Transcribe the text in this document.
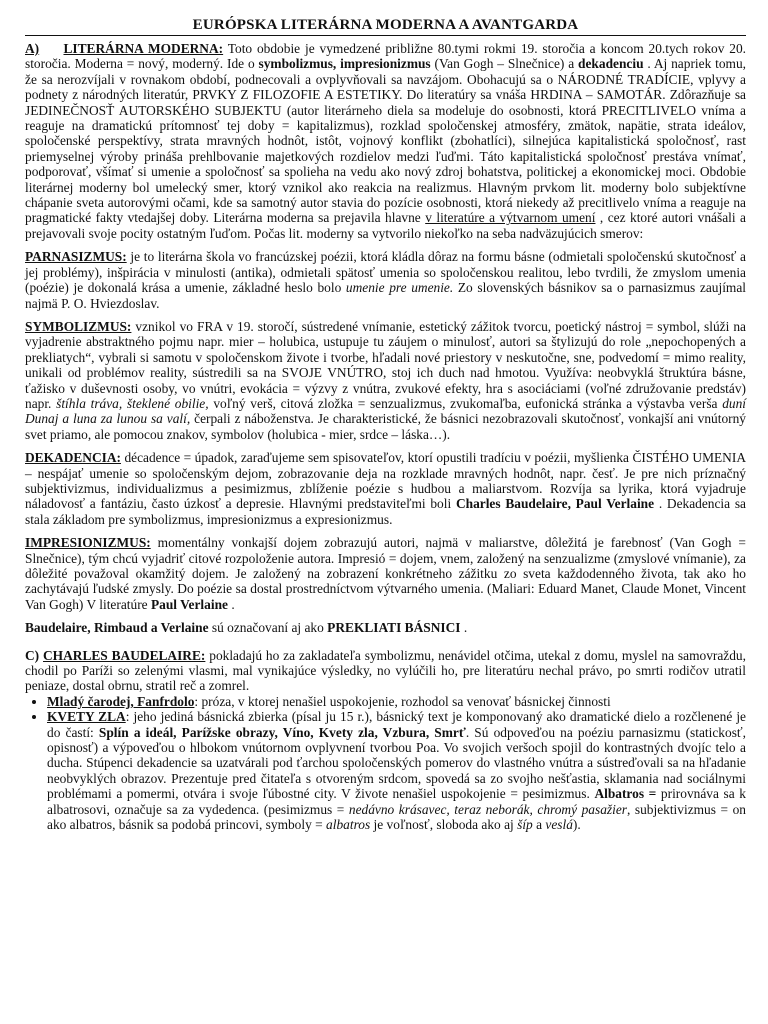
EURÓPSKA LITERÁRNA MODERNA A AVANTGARDA

A) LITERÁRNA MODERNA: Toto obdobie je vymedzené približne 80.tymi rokmi 19. storočia a koncom 20.tych rokov 20. storočia. Moderna = nový, moderný. Ide o symbolizmus, impresionizmus (Van Gogh – Slnečnice) a dekadenciu . Aj napriek tomu, že sa nerozvíjali v rovnakom období, podnecovali a ovplyvňovali sa navzájom. Obohacujú sa o NÁRODNÉ TRADÍCIE, vplyvy a podnety z národných literatúr, PRVKY Z FILOZOFIE A ESTETIKY. Do literatúry sa vnáša HRDINA – SAMOTÁR. Zdôrazňuje sa JEDINEČNOSŤ AUTORSKÉHO SUBJEKTU (autor literárneho diela sa modeluje do osobnosti, ktorá PRECITLIVELO vníma a reaguje na dramatickú prítomnosť tej doby = kapitalizmus), rozklad spoločenskej atmosféry, zmätok, napätie, strata ideálov, spoločenské perspektívy, strata mravných hodnôt, istôt, vojnový konflikt (zbohatlíci), silnejúca kapitalistická spoločnosť, rast priemyselnej výroby prináša prehlbovanie majetkových rozdielov medzi ľuďmi. Táto kapitalistická spoločnosť prestáva vnímať, podporovať, všímať si umenie a spoločnosť sa spolieha na vedu ako nový zdroj bohatstva, politickej a ekonomickej moci. Obdobie literárnej moderny bol umelecký smer, ktorý vznikol ako reakcia na realizmus. Hlavným prvkom lit. moderny bolo subjektívne chápanie sveta autorovými očami, kde sa samotný autor stavia do pozície osobnosti, ktorá niekedy až precitlivelo vníma a reaguje na pragmatické fakty vtedajšej doby. Literárna moderna sa prejavila hlavne v literatúre a výtvarnom umení , cez ktoré autori vnášali a prejavovali svoje pocity ostatným ľuďom. Počas lit. moderny sa vytvorilo niekoľko na seba nadväzujúcich smerov:

PARNASIZMUS: je to literárna škola vo francúzskej poézii, ktorá kládla dôraz na formu básne (odmietali spoločenskú skutočnosť a jej problémy), inšpirácia v minulosti (antika), odmietali spätosť umenia so spoločenskou realitou, lebo tvrdili, že zmyslom umenia (poézie) je dokonalá krása a umenie, základné heslo bolo umenie pre umenie. Zo slovenských básnikov sa o parnasizmus zaujímal najmä P. O. Hviezdoslav.

SYMBOLIZMUS: vznikol vo FRA v 19. storočí, sústredené vnímanie, estetický zážitok tvorcu, poetický nástroj = symbol, slúži na vyjadrenie abstraktného pojmu napr. mier – holubica, ustupuje tu záujem o minulosť, autori sa štylizujú do role „nepochopených a prekliatych“, vybrali si samotu v spoločenskom živote i tvorbe, hľadali nové priestory v neskutočne, snе, podvedomí = mimo reality, unikali od problémov reality, sústredili sa na SVOJE VNÚTRO, stoj ich duch nad hmotou. Využíva: neobvyklá štruktúra básne, ťažisko v duševnosti osoby, vo vnútri, evokácia = výzvy z vnútra, zvukové efekty, hra s asociáciami (voľné združovanie predstáv) napr. štíhla tráva, šteklené obilie, voľný verš, citová zložka = senzualizmus, zvukomaľba, eufonická stránka a výstavba verša duní Dunaj a luna za lunou sa valí, čerpali z náboženstva. Je charakteristické, že básnici nezobrazovali skutočnosť, vonkajší ani vnútorný svet priamo, ale pomocou znakov, symbolov (holubica - mier, srdce – láska…).

DEKADENCIA: décadence = úpadok, zaraďujeme sem spisovateľov, ktorí opustili tradíciu v poézii, myšlienka ČISTÉHO UMENIA – nespájať umenie so spoločenským dejom, zobrazovanie deja na rozklade mravných hodnôt, napr. česť. Je pre nich príznačný subjektivizmus, individualizmus a pesimizmus, zblíženie poézie s hudbou a maliarstvom. Rozvíja sa lyrika, ktorá vyjadruje náladovosť a fantáziu, často úzkosť a depresie. Hlavnými predstaviteľmi boli Charles Baudelaire, Paul Verlaine . Dekadencia sa stala základom pre symbolizmus, impresionizmus a expresionizmus.

IMPRESIONIZMUS: momentálny vonkajší dojem zobrazujú autori, najmä v maliarstve, dôležitá je farebnosť (Van Gogh = Slnečnice), tým chcú vyjadriť citové rozpoloženie autora. Impresió = dojem, vnem, založený na senzualizme (zmyslové vnímanie), za dôležité považoval okamžitý dojem. Je založený na zobrazení konkrétneho zážitku zo sveta každodenného života, tak ako ho zachytávajú ľudské zmysly. Do poézie sa dostal prostredníctvom výtvarného umenia. (Maliari: Eduard Manet, Claude Monet, Vincent Van Gogh) V literatúre Paul Verlaine .

Baudelaire, Rimbaud a Verlaine sú označovaní aj ako PREKLIATI BÁSNICI .

C) CHARLES BAUDELAIRE: pokladajú ho za zakladateľa symbolizmu, nenávidel otčima, utekal z domu, myslel na samovraždu, chodil po Paríži so zelenými vlasmi, mal vynikajúce výsledky, no vylúčili ho, pre literatúru nechal právo, po smrti rodičov utratil peniaze, dostal obrnu, stratil reč a zomrel.

• Mladý čarodej, Fanfrdolo: próza, v ktorej nenašiel uspokojenie, rozhodol sa venovať básnickej činnosti
• KVETY ZLA: jeho jediná básnická zbierka (písal ju 15 r.), básnický text je komponovaný ako dramatické dielo a rozčlenené je do častí: Splín a ideál, Parížske obrazy, Víno, Kvety zla, Vzbura, Smrť. Sú odpoveďou na poéziu parnasizmu (statickosť, opisnosť) a výpoveďou o hlbokom vnútornom ovplyvnení tvorbou Poa. Vo svojich veršoch spojil do kontrastných dvojíc telo a ducha. Stúpenci dekadencie sa uzatvárali pod ťarchou spoločenských pomerov do vlastného vnútra a sústreďovali sa na hľadanie neobvyklých obrazov. Prezentuje pred čitateľa s otvoreným srdcom, spovedá sa zo svojho nešťastia, sklamania nad sociálnymi problémami a pomermi, otvára i svoje ľúbostné city. V živote nenašiel uspokojenie = pesimizmus. Albatros = prirovnáva sa k albatrosovi, označuje sa za vydedenca. (pesimizmus = nedávno krásavec, teraz neborák, chromý pasažier, subjektivizmus = on ako albatros, básnik sa podobá princovi, symboly = albatros je voľnosť, sloboda ako aj šíp a veslá).
